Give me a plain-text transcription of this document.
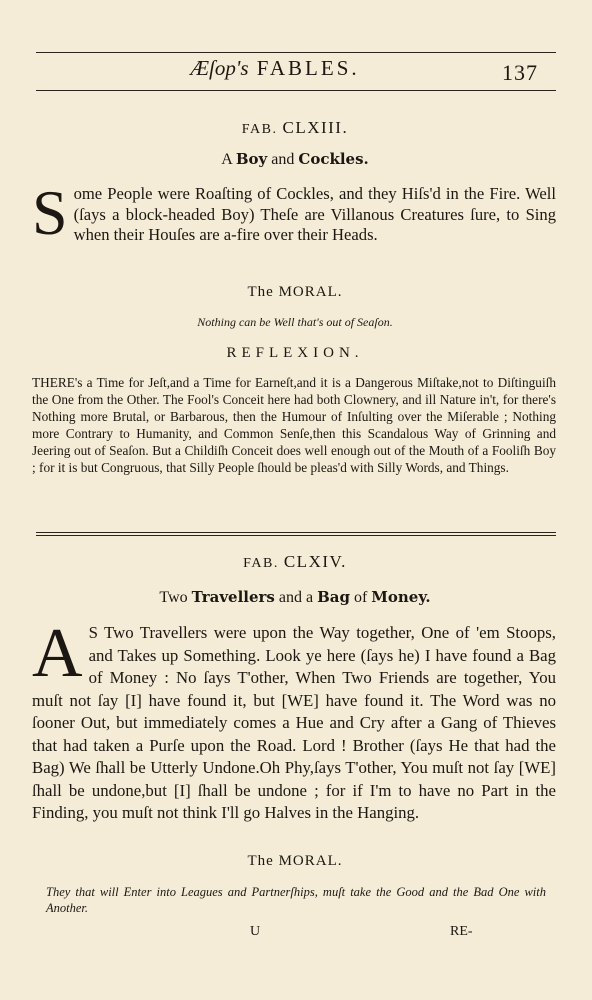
Æſop's FABLES.	137
FAB. CLXIII.
A Boy and Cockles.
Some People were Roaſting of Cockles, and they Hiſs'd in the Fire. Well (ſays a block-headed Boy) Theſe are Villanous Creatures ſure, to Sing when their Houſes are a-fire over their Heads.
The MORAL.
Nothing can be Well that's out of Seaſon.
REFLEXION.
THERE's a Time for Jeſt,and a Time for Earneſt,and it is a Dangerous Miſtake,not to Diſtinguiſh the One from the Other. The Fool's Conceit here had both Clownery, and ill Nature in't, for there's Nothing more Brutal, or Barbarous, then the Humour of Inſulting over the Miſerable ; Nothing more Contrary to Humanity, and Common Senſe,then this Scandalous Way of Grinning and Jeering out of Seaſon. But a Childiſh Conceit does well enough out of the Mouth of a Fooliſh Boy ; for it is but Congruous, that Silly People ſhould be pleas'd with Silly Words, and Things.
FAB. CLXIV.
Two Travellers and a Bag of Money.
A S Two Travellers were upon the Way together, One of 'em Stoops, and Takes up Something. Look ye here (ſays he) I have found a Bag of Money : No ſays T'other, When Two Friends are together, You muſt not ſay [I] have found it, but [WE] have found it. The Word was no ſooner Out, but immediately comes a Hue and Cry after a Gang of Thieves that had taken a Purſe upon the Road. Lord ! Brother (ſays He that had the Bag) We ſhall be Utterly Undone.Oh Phy,ſays T'other, You muſt not ſay [WE] ſhall be undone,but [I] ſhall be undone ; for if I'm to have no Part in the Finding, you muſt not think I'll go Halves in the Hanging.
The MORAL.
They that will Enter into Leagues and Partnerſhips, muſt take the Good and the Bad One with Another.
U	RE-
